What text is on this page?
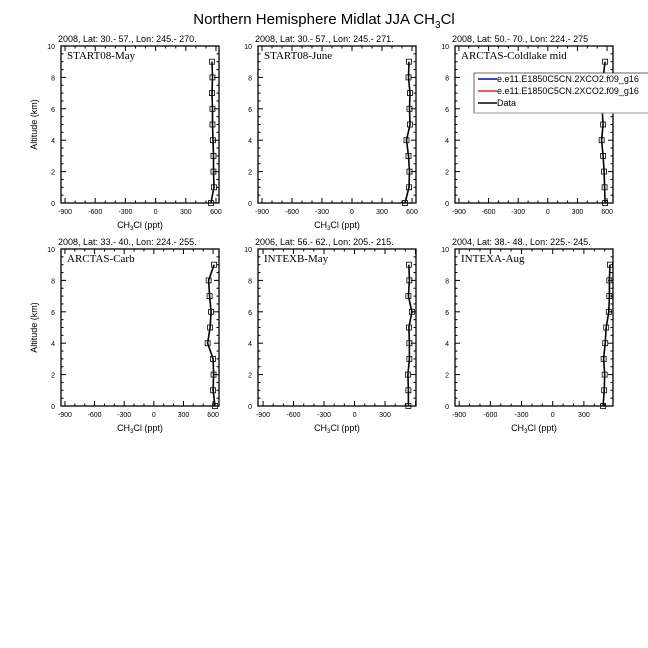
Northern Hemisphere Midlat JJA $CH_3Cl$
2008, Lat: 30.- 57., Lon: 245.- 270.
START08-May
0
2
4
6
8
10
-900 -600 -300	0	300	600
$CH_3Cl$ (ppt)
Altitude (km)
2008, Lat: 30.- 57., Lon: 245.- 271.
START08-June
0
2
4
6
8
10
-900 -600 -300	0	300	600
$CH_3Cl$ (ppt)
2008, Lat: 50.- 70., Lon: 224.- 275
ARCTAS-Coldlake mid
0
2
4
6
8
10
-900 -600 -300	0	300	600
2008, Lat: 33.- 40., Lon: 224.- 255.
ARCTAS-Carb
0
2
4
6
8
10
-900 -600 -300	0	300	600
$CH_3Cl$ (ppt)
Altitude (km)
2006, Lat: 56.- 62., Lon: 205.- 215.
INTEXB-May
0
2
4
6
8
10
-900 -600 -300	0	300
$CH_3Cl$ (ppt)
2004, Lat: 38.- 48., Lon: 225.- 245.
INTEXA-Aug
0
2
4
6
8
10
-900 -600 -300	0	300
$CH_3Cl$ (ppt)
e.e11.E1850C5CN.2XCO2.f09_g16
e.e11.E1850C5CN.2XCO2.f09_g16
Data
